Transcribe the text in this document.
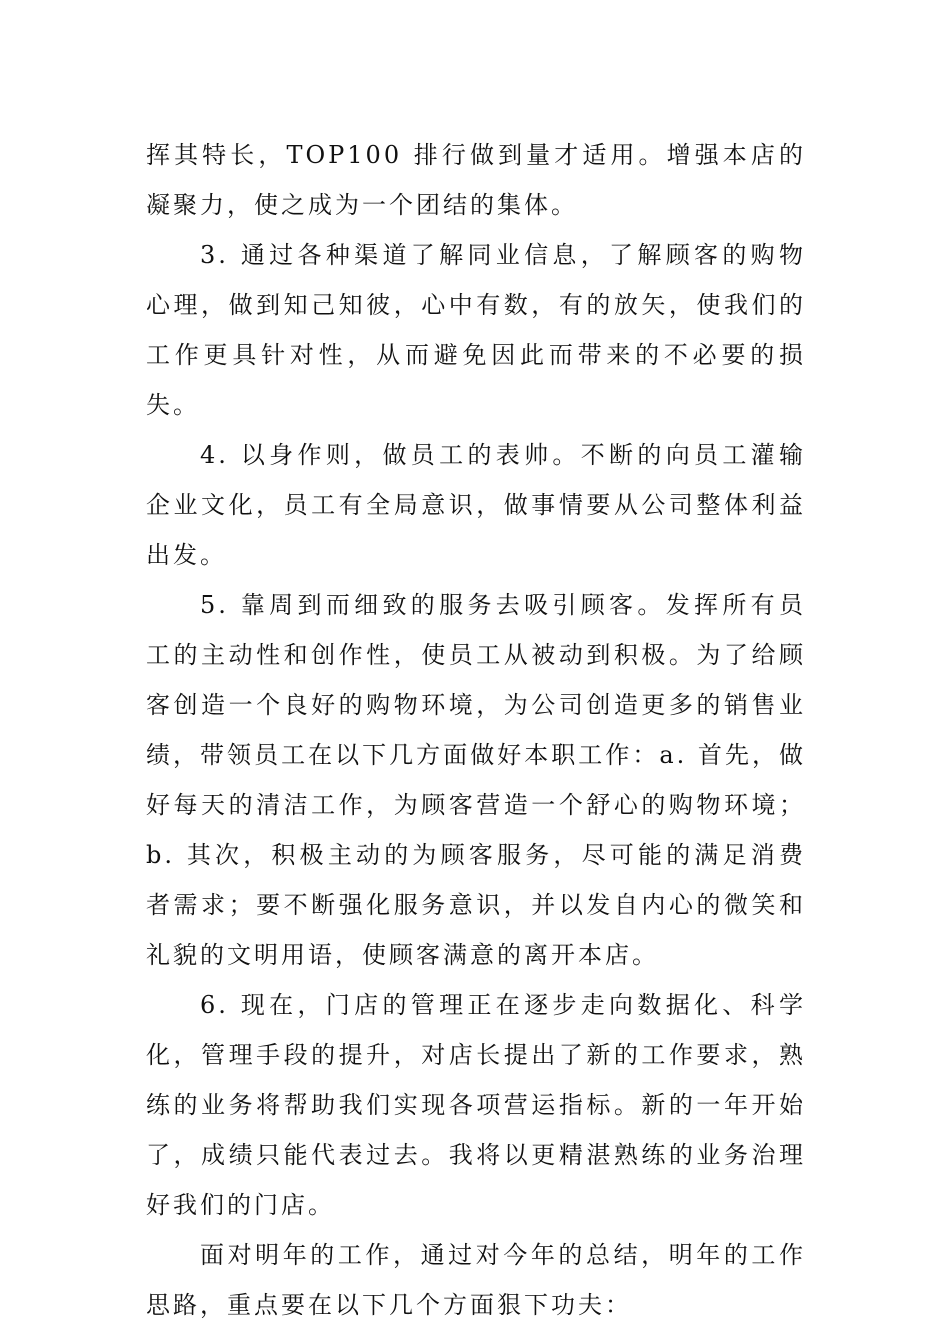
挥其特长，TOP100 排行做到量才适用。增强本店的凝聚力，使之成为一个团结的集体。

3. 通过各种渠道了解同业信息，了解顾客的购物心理，做到知己知彼，心中有数，有的放矢，使我们的工作更具针对性，从而避免因此而带来的不必要的损失。

4. 以身作则，做员工的表帅。不断的向员工灌输企业文化，员工有全局意识，做事情要从公司整体利益出发。

5. 靠周到而细致的服务去吸引顾客。发挥所有员工的主动性和创作性，使员工从被动到积极。为了给顾客创造一个良好的购物环境，为公司创造更多的销售业绩，带领员工在以下几方面做好本职工作：a. 首先，做好每天的清洁工作，为顾客营造一个舒心的购物环境；b. 其次，积极主动的为顾客服务，尽可能的满足消费者需求；要不断强化服务意识，并以发自内心的微笑和礼貌的文明用语，使顾客满意的离开本店。

6. 现在，门店的管理正在逐步走向数据化、科学化，管理手段的提升，对店长提出了新的工作要求，熟练的业务将帮助我们实现各项营运指标。新的一年开始了，成绩只能代表过去。我将以更精湛熟练的业务治理好我们的门店。

面对明年的工作，通过对今年的总结，明年的工作思路，重点要在以下几个方面狠下功夫：
